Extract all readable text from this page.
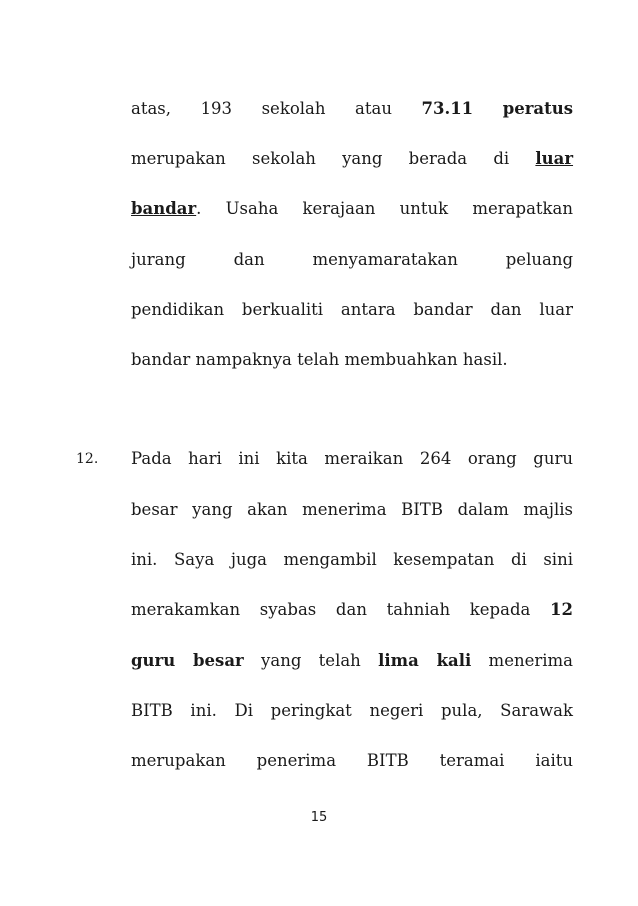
atas, 193 sekolah atau 73.11 peratus
merupakan sekolah yang berada di luar
bandar. Usaha kerajaan untuk merapatkan
jurang	dan	menyamaratakan	peluang
pendidikan berkualiti antara bandar dan luar
bandar nampaknya telah membuahkan hasil.
12. Pada hari ini kita meraikan 264 orang guru
besar yang akan menerima BITB dalam majlis
ini. Saya juga mengambil kesempatan di sini
merakamkan syabas dan tahniah kepada 12
guru besar yang telah lima kali menerima
BITB ini. Di peringkat negeri pula, Sarawak
merupakan penerima BITB teramai iaitu
15
